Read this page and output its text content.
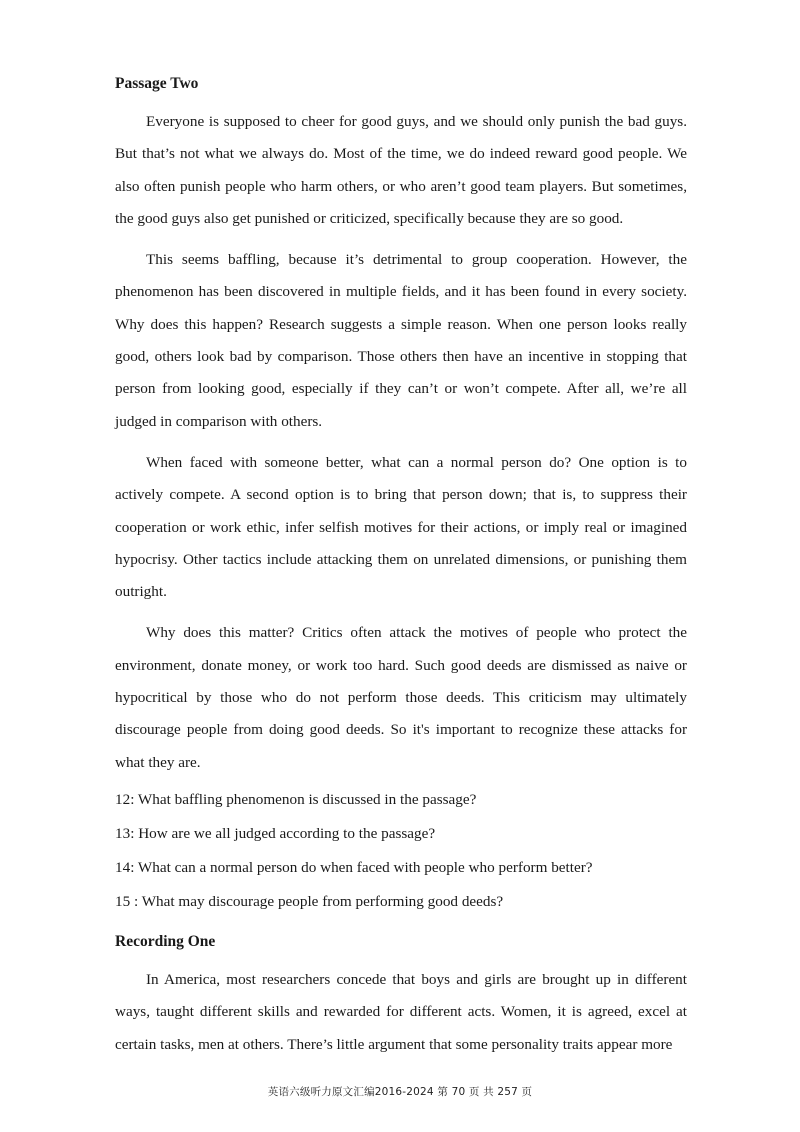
Passage Two

Everyone is supposed to cheer for good guys, and we should only punish the bad guys. But that’s not what we always do. Most of the time, we do indeed reward good people. We also often punish people who harm others, or who aren’t good team players. But sometimes, the good guys also get punished or criticized, specifically because they are so good.

This seems baffling, because it’s detrimental to group cooperation. However, the phenomenon has been discovered in multiple fields, and it has been found in every society. Why does this happen? Research suggests a simple reason. When one person looks really good, others look bad by comparison. Those others then have an incentive in stopping that person from looking good, especially if they can’t or won’t compete. After all, we’re all judged in comparison with others.

When faced with someone better, what can a normal person do? One option is to actively compete. A second option is to bring that person down; that is, to suppress their cooperation or work ethic, infer selfish motives for their actions, or imply real or imagined hypocrisy. Other tactics include attacking them on unrelated dimensions, or punishing them outright.

Why does this matter? Critics often attack the motives of people who protect the environment, donate money, or work too hard. Such good deeds are dismissed as naive or hypocritical by those who do not perform those deeds. This criticism may ultimately discourage people from doing good deeds. So it's important to recognize these attacks for what they are.

12: What baffling phenomenon is discussed in the passage?
13: How are we all judged according to the passage?
14: What can a normal person do when faced with people who perform better?
15 : What may discourage people from performing good deeds?
Recording One

In America, most researchers concede that boys and girls are brought up in different ways, taught different skills and rewarded for different acts. Women, it is agreed, excel at certain tasks, men at others. There’s little argument that some personality traits appear more

英语六级听力原文汇编2016-2024 第 70 页 共 257 页
